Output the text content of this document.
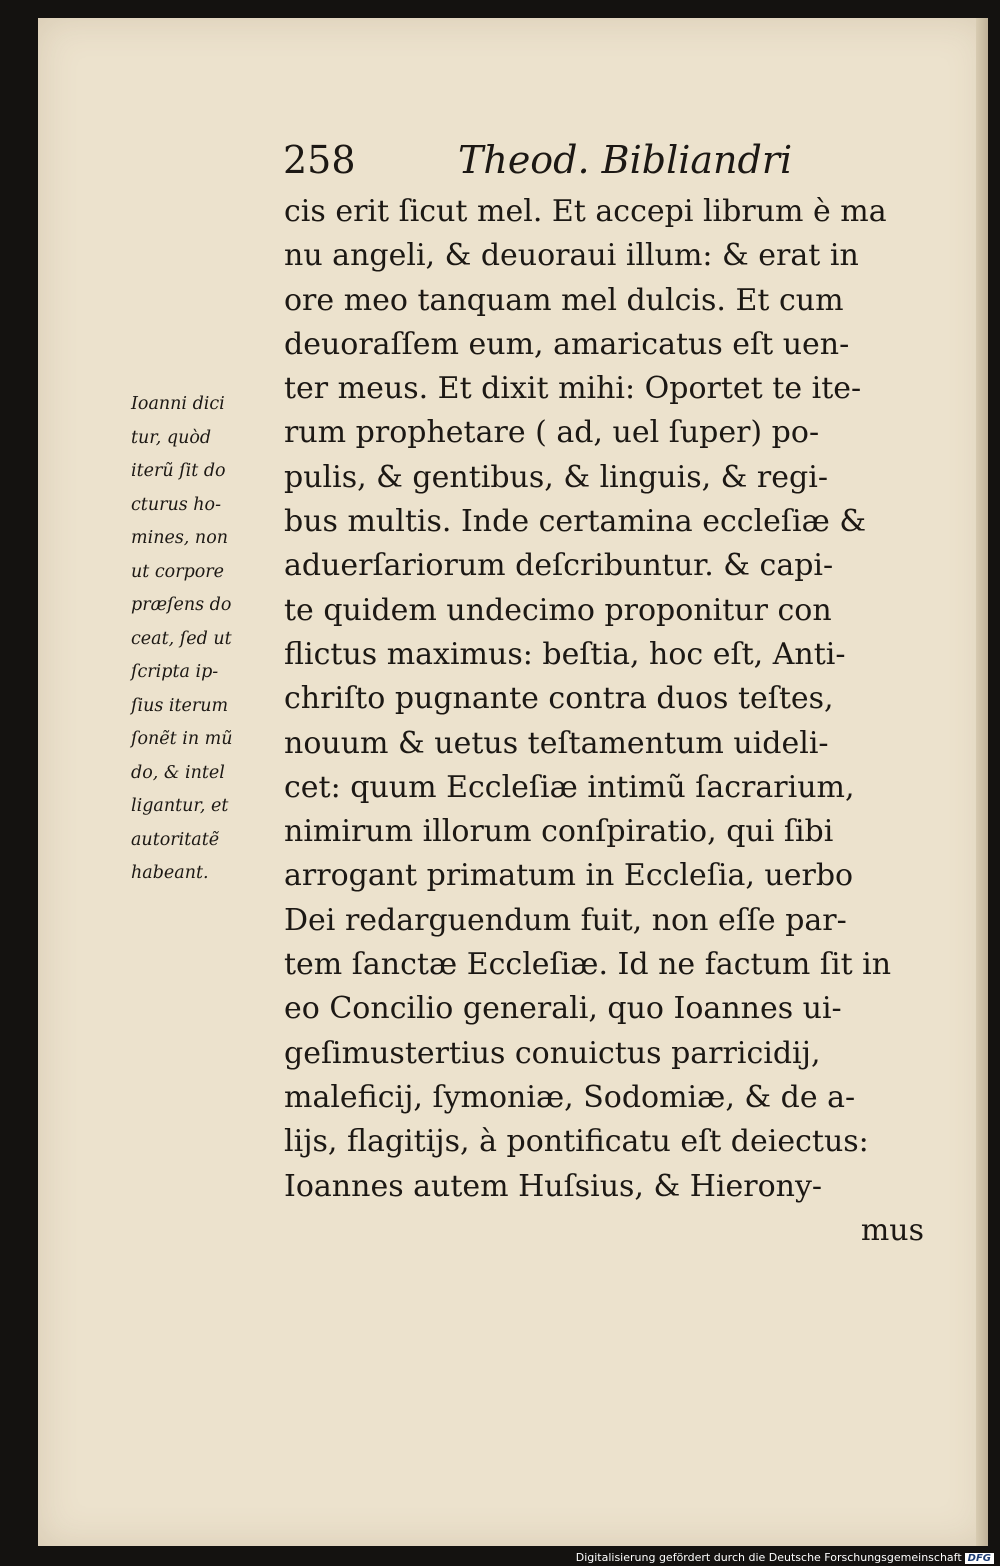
258	Theod. Bibliandri
Ioanni dici
tur, quòd
iterũ ſit do
cturus ho-
mines, non
ut corpore
præſens do
ceat, ſed ut
ſcripta ip-
ſius iterum
ſonẽt in mũ
do, & intel
ligantur, et
autoritatẽ
habeant.
cis erit ſicut mel. Et accepi librum è ma
nu angeli, & deuoraui illum: & erat in
ore meo tanquam mel dulcis. Et cum
deuoraſſem eum, amaricatus eſt uen-
ter meus. Et dixit mihi: Oportet te ite-
rum prophetare ( ad, uel ſuper) po-
pulis, & gentibus, & linguis, & regi-
bus multis. Inde certamina eccleſiæ &
aduerſariorum deſcribuntur. & capi-
te quidem undecimo proponitur con
flictus maximus: beſtia, hoc eſt, Anti-
chriſto pugnante contra duos teſtes,
nouum & uetus teſtamentum uideli-
cet: quum Eccleſiæ intimũ ſacrarium,
nimirum illorum conſpiratio, qui ſibi
arrogant primatum in Eccleſia, uerbo
Dei redarguendum fuit, non eſſe par-
tem ſanctæ Eccleſiæ. Id ne factum ſit in
eo Concilio generali, quo Ioannes ui-
geſimustertius conuictus parricidij,
maleficij, ſymoniæ, Sodomiæ, & de a-
lijs, flagitijs, à pontificatu eſt deiectus:
Ioannes autem Huſsius, & Hierony-
mus
Digitalisierung gefördert durch die Deutsche Forschungsgemeinschaft DFG
